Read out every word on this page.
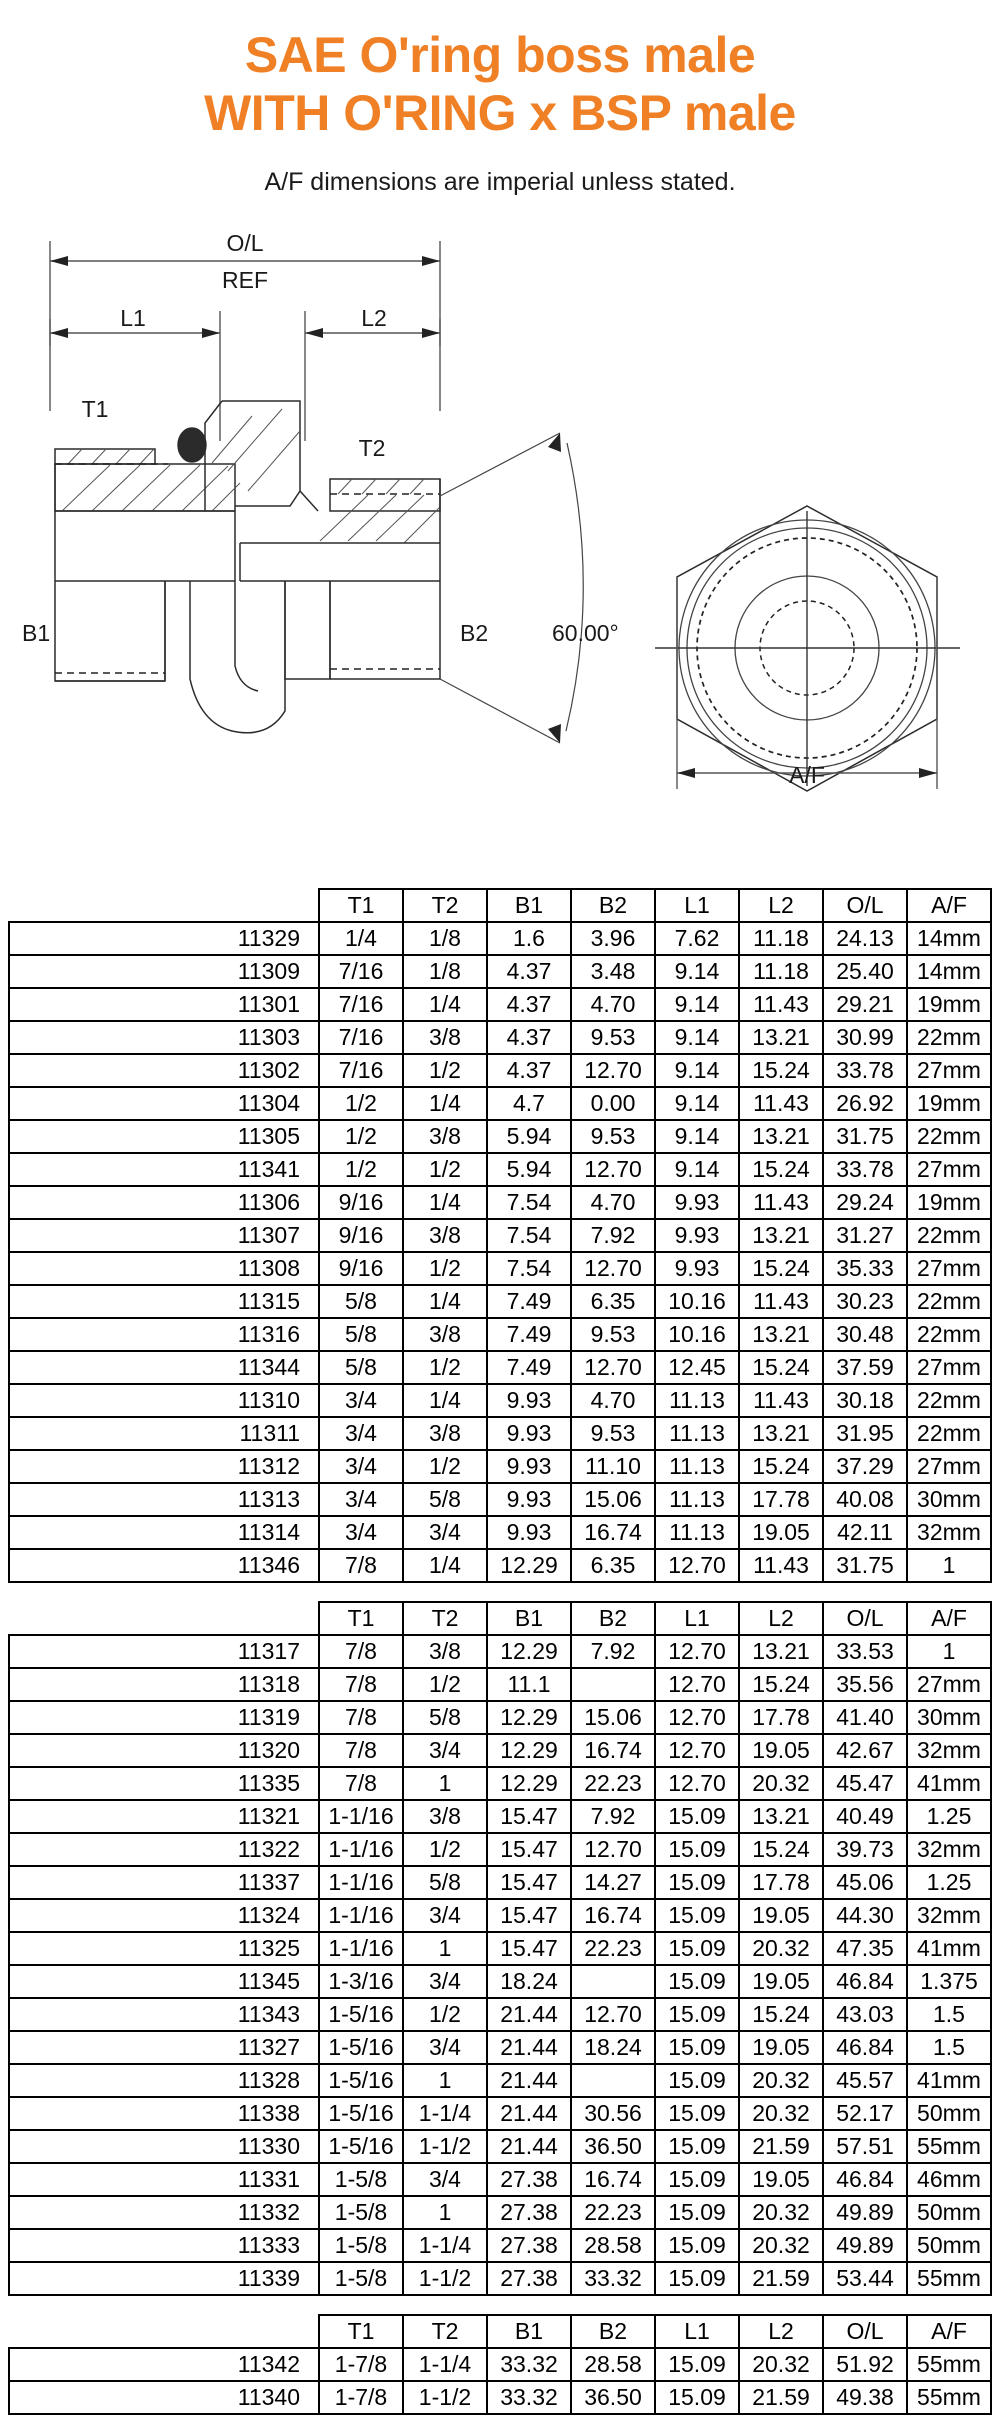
SAE O'ring boss male
WITH O'RING x BSP male
A/F dimensions are imperial unless stated.
O/L
REF
L1	L2
T1
T2
B1	B2	60.00°
A/F
	T1	T2	B1	B2	L1	L2	O/L	A/F
11329	1/4	1/8	1.6	3.96	7.62	11.18	24.13	14mm
11309	7/16	1/8	4.37	3.48	9.14	11.18	25.40	14mm
11301	7/16	1/4	4.37	4.70	9.14	11.43	29.21	19mm
11303	7/16	3/8	4.37	9.53	9.14	13.21	30.99	22mm
11302	7/16	1/2	4.37	12.70	9.14	15.24	33.78	27mm
11304	1/2	1/4	4.7	0.00	9.14	11.43	26.92	19mm
11305	1/2	3/8	5.94	9.53	9.14	13.21	31.75	22mm
11341	1/2	1/2	5.94	12.70	9.14	15.24	33.78	27mm
11306	9/16	1/4	7.54	4.70	9.93	11.43	29.24	19mm
11307	9/16	3/8	7.54	7.92	9.93	13.21	31.27	22mm
11308	9/16	1/2	7.54	12.70	9.93	15.24	35.33	27mm
11315	5/8	1/4	7.49	6.35	10.16	11.43	30.23	22mm
11316	5/8	3/8	7.49	9.53	10.16	13.21	30.48	22mm
11344	5/8	1/2	7.49	12.70	12.45	15.24	37.59	27mm
11310	3/4	1/4	9.93	4.70	11.13	11.43	30.18	22mm
11311	3/4	3/8	9.93	9.53	11.13	13.21	31.95	22mm
11312	3/4	1/2	9.93	11.10	11.13	15.24	37.29	27mm
11313	3/4	5/8	9.93	15.06	11.13	17.78	40.08	30mm
11314	3/4	3/4	9.93	16.74	11.13	19.05	42.11	32mm
11346	7/8	1/4	12.29	6.35	12.70	11.43	31.75	1
	T1	T2	B1	B2	L1	L2	O/L	A/F
11317	7/8	3/8	12.29	7.92	12.70	13.21	33.53	1
11318	7/8	1/2	11.1		12.70	15.24	35.56	27mm
11319	7/8	5/8	12.29	15.06	12.70	17.78	41.40	30mm
11320	7/8	3/4	12.29	16.74	12.70	19.05	42.67	32mm
11335	7/8	1	12.29	22.23	12.70	20.32	45.47	41mm
11321	1-1/16	3/8	15.47	7.92	15.09	13.21	40.49	1.25
11322	1-1/16	1/2	15.47	12.70	15.09	15.24	39.73	32mm
11337	1-1/16	5/8	15.47	14.27	15.09	17.78	45.06	1.25
11324	1-1/16	3/4	15.47	16.74	15.09	19.05	44.30	32mm
11325	1-1/16	1	15.47	22.23	15.09	20.32	47.35	41mm
11345	1-3/16	3/4	18.24		15.09	19.05	46.84	1.375
11343	1-5/16	1/2	21.44	12.70	15.09	15.24	43.03	1.5
11327	1-5/16	3/4	21.44	18.24	15.09	19.05	46.84	1.5
11328	1-5/16	1	21.44		15.09	20.32	45.57	41mm
11338	1-5/16	1-1/4	21.44	30.56	15.09	20.32	52.17	50mm
11330	1-5/16	1-1/2	21.44	36.50	15.09	21.59	57.51	55mm
11331	1-5/8	3/4	27.38	16.74	15.09	19.05	46.84	46mm
11332	1-5/8	1	27.38	22.23	15.09	20.32	49.89	50mm
11333	1-5/8	1-1/4	27.38	28.58	15.09	20.32	49.89	50mm
11339	1-5/8	1-1/2	27.38	33.32	15.09	21.59	53.44	55mm
	T1	T2	B1	B2	L1	L2	O/L	A/F
11342	1-7/8	1-1/4	33.32	28.58	15.09	20.32	51.92	55mm
11340	1-7/8	1-1/2	33.32	36.50	15.09	21.59	49.38	55mm
